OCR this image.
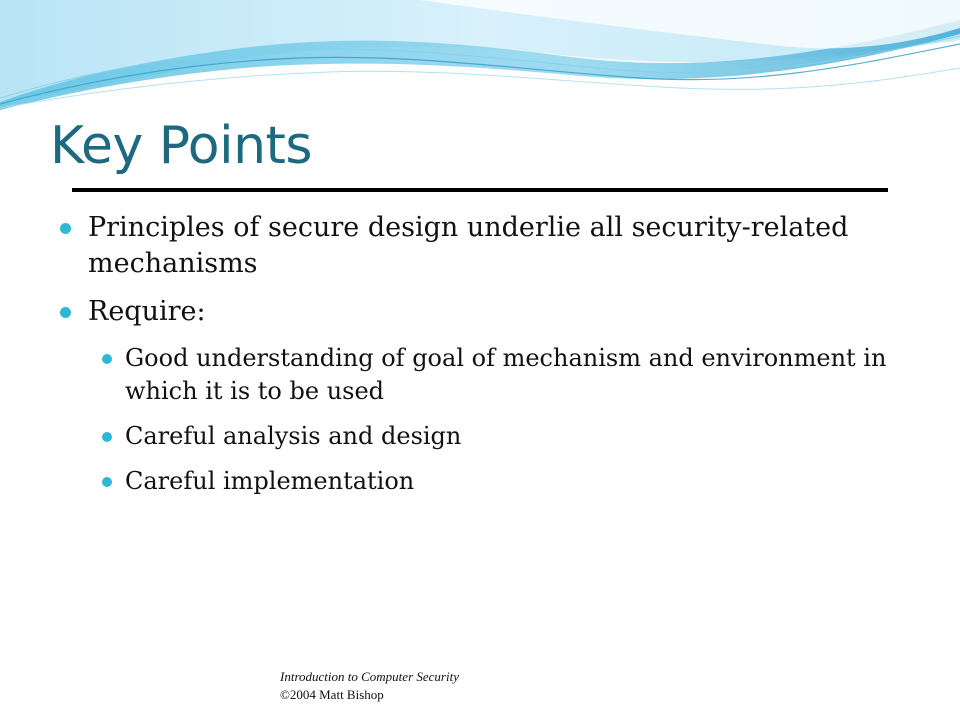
Key Points
Principles of secure design underlie all security-related mechanisms
Require:
Good understanding of goal of mechanism and environment in which it is to be used
Careful analysis and design
Careful implementation
Introduction to Computer Security
©2004 Matt Bishop
